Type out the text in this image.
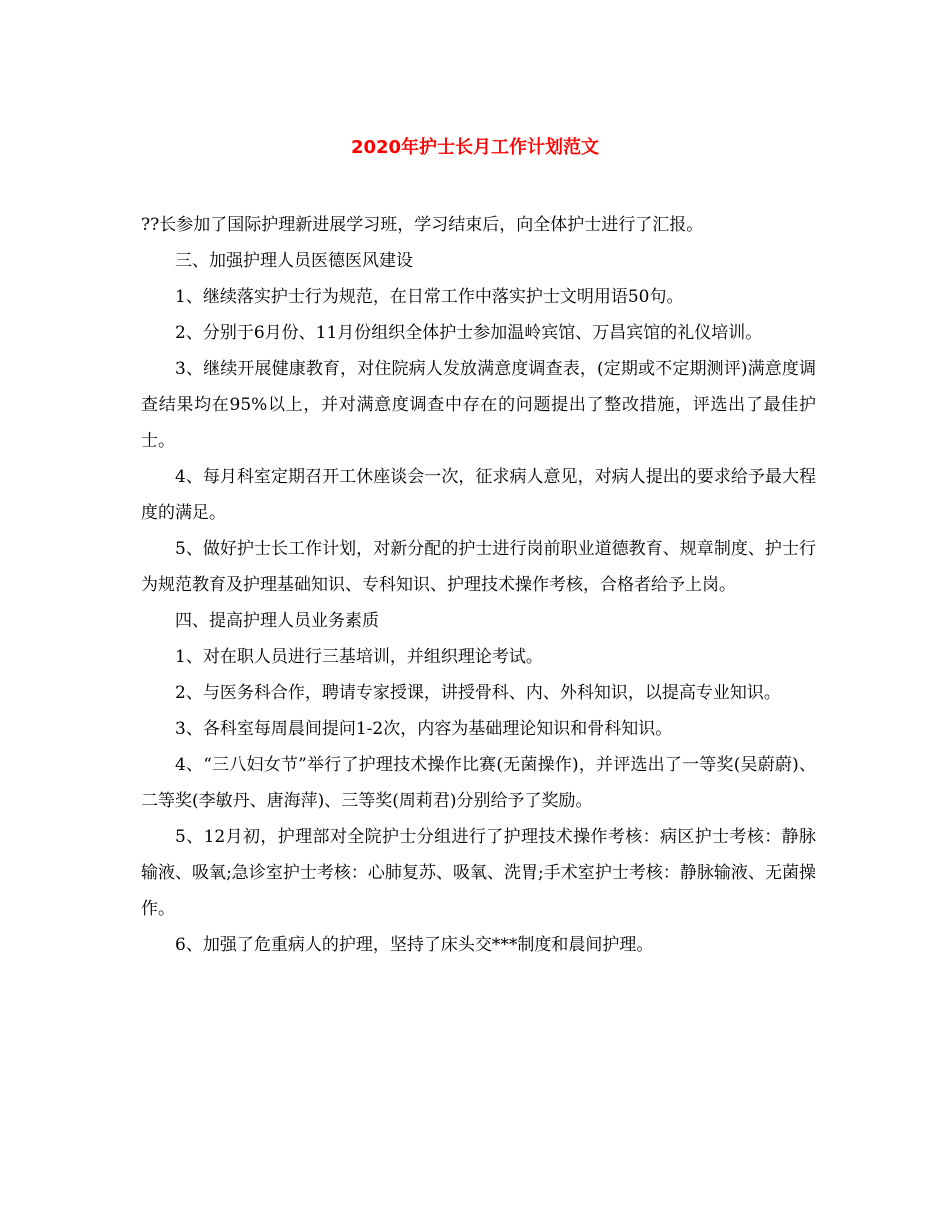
2020年护士长月工作计划范文

??长参加了国际护理新进展学习班，学习结束后，向全体护士进行了汇报。

三、加强护理人员医德医风建设

1、继续落实护士行为规范，在日常工作中落实护士文明用语50句。

2、分别于6月份、11月份组织全体护士参加温岭宾馆、万昌宾馆的礼仪培训。

3、继续开展健康教育，对住院病人发放满意度调查表，(定期或不定期测评)满意度调查结果均在95%以上，并对满意度调查中存在的问题提出了整改措施，评选出了最佳护士。

4、每月科室定期召开工休座谈会一次，征求病人意见，对病人提出的要求给予最大程度的满足。

5、做好护士长工作计划，对新分配的护士进行岗前职业道德教育、规章制度、护士行为规范教育及护理基础知识、专科知识、护理技术操作考核，合格者给予上岗。

四、提高护理人员业务素质

1、对在职人员进行三基培训，并组织理论考试。

2、与医务科合作，聘请专家授课，讲授骨科、内、外科知识，以提高专业知识。

3、各科室每周晨间提问1-2次，内容为基础理论知识和骨科知识。

4、“三八妇女节”举行了护理技术操作比赛(无菌操作)，并评选出了一等奖(吴蔚蔚)、二等奖(李敏丹、唐海萍)、三等奖(周莉君)分别给予了奖励。

5、12月初，护理部对全院护士分组进行了护理技术操作考核：病区护士考核：静脉输液、吸氧;急诊室护士考核：心肺复苏、吸氧、洗胃;手术室护士考核：静脉输液、无菌操作。

6、加强了危重病人的护理，坚持了床头交***制度和晨间护理。
